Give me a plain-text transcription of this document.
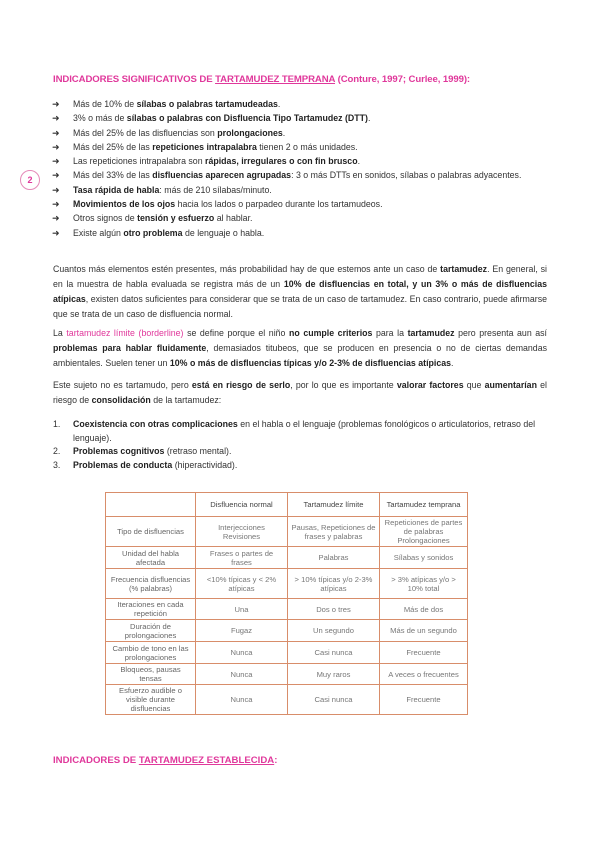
2
INDICADORES SIGNIFICATIVOS DE TARTAMUDEZ TEMPRANA (Conture, 1997; Curlee, 1999):
➜ Más de 10% de sílabas o palabras tartamudeadas.
➜ 3% o más de sílabas o palabras con Disfluencia Tipo Tartamudez (DTT).
➜ Más del 25% de las disfluencias son prolongaciones.
➜ Más del 25% de las repeticiones intrapalabra tienen 2 o más unidades.
➜ Las repeticiones intrapalabra son rápidas, irregulares o con fin brusco.
➜ Más del 33% de las disfluencias aparecen agrupadas: 3 o más DTTs en sonidos, sílabas o palabras adyacentes.
➜ Tasa rápida de habla: más de 210 sílabas/minuto.
➜ Movimientos de los ojos hacia los lados o parpadeo durante los tartamudeos.
➜ Otros signos de tensión y esfuerzo al hablar.
➜ Existe algún otro problema de lenguaje o habla.
Cuantos más elementos estén presentes, más probabilidad hay de que estemos ante un caso de tartamudez. En general, si en la muestra de habla evaluada se registra más de un 10% de disfluencias en total, y un 3% o más de disfluencias atípicas, existen datos suficientes para considerar que se trata de un caso de tartamudez. En caso contrario, puede afirmarse que se trata de un caso de disfluencia normal.
La tartamudez límite (borderline) se define porque el niño no cumple criterios para la tartamudez pero presenta aun así problemas para hablar fluidamente, demasiados titubeos, que se producen en presencia o no de ciertas demandas ambientales. Suelen tener un 10% o más de disfluencias típicas y/o 2-3% de disfluencias atípicas.
Este sujeto no es tartamudo, pero está en riesgo de serlo, por lo que es importante valorar factores que aumentarían el riesgo de consolidación de la tartamudez:
1. Coexistencia con otras complicaciones en el habla o el lenguaje (problemas fonológicos o articulatorios, retraso del lenguaje).
2. Problemas cognitivos (retraso mental).
3. Problemas de conducta (hiperactividad).
	Disfluencia normal	Tartamudez límite	Tartamudez temprana
Tipo de disfluencias	Interjecciones Revisiones	Pausas, Repeticiones de frases y palabras	Repeticiones de partes de palabras Prolongaciones
Unidad del habla afectada	Frases o partes de frases	Palabras	Sílabas y sonidos
Frecuencia disfluencias (% palabras)	<10% típicas y < 2% atípicas	> 10% típicas y/o 2-3% atípicas	> 3% atípicas y/o > 10% total
Iteraciones en cada repetición	Una	Dos o tres	Más de dos
Duración de prolongaciones	Fugaz	Un segundo	Más de un segundo
Cambio de tono en las prolongaciones	Nunca	Casi nunca	Frecuente
Bloqueos, pausas tensas	Nunca	Muy raros	A veces o frecuentes
Esfuerzo audible o visible durante disfluencias	Nunca	Casi nunca	Frecuente
INDICADORES DE TARTAMUDEZ ESTABLECIDA:
